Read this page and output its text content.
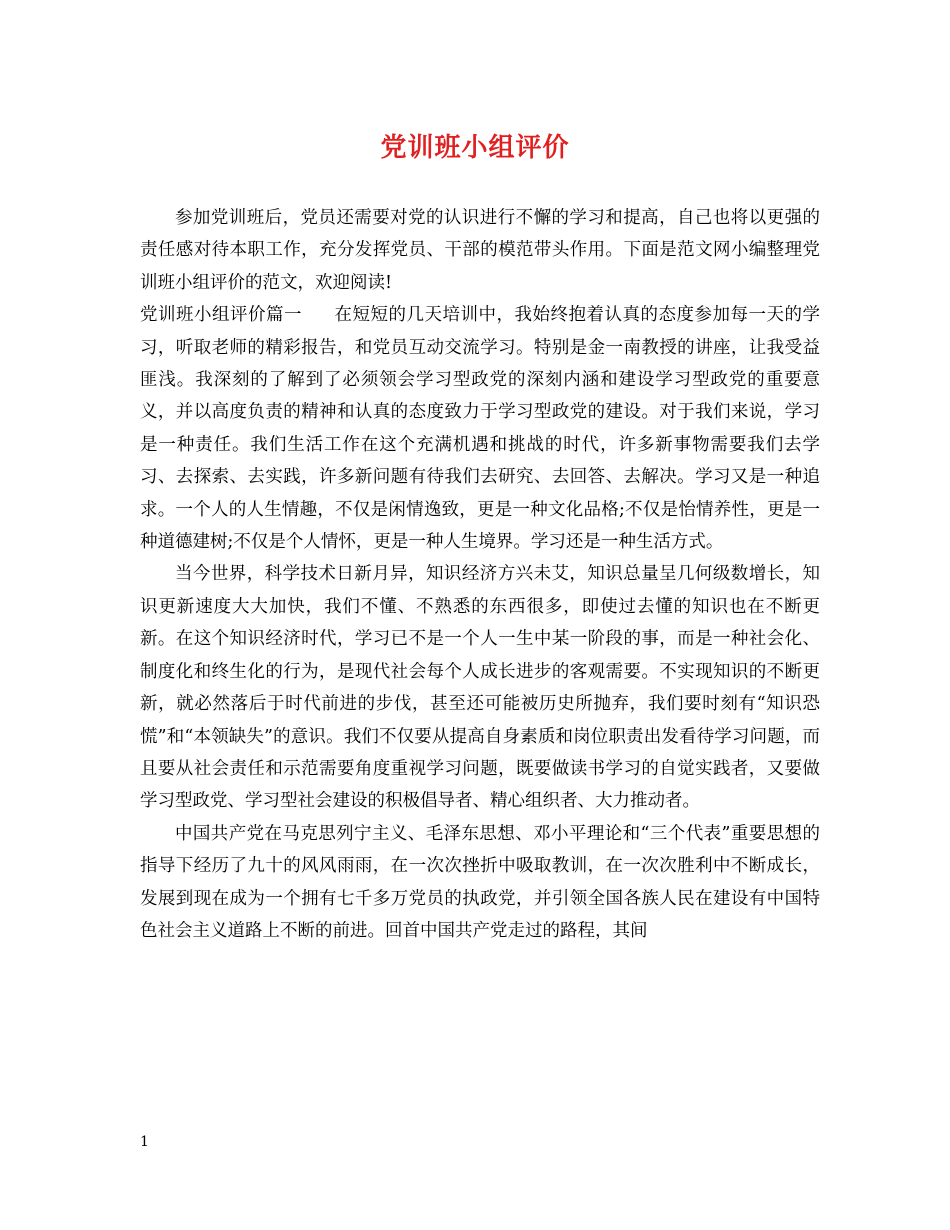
党训班小组评价

参加党训班后，党员还需要对党的认识进行不懈的学习和提高，自己也将以更强的责任感对待本职工作，充分发挥党员、干部的模范带头作用。下面是范文网小编整理党训班小组评价的范文，欢迎阅读!

党训班小组评价篇一 在短短的几天培训中，我始终抱着认真的态度参加每一天的学习，听取老师的精彩报告，和党员互动交流学习。特别是金一南教授的讲座，让我受益匪浅。我深刻的了解到了必须领会学习型政党的深刻内涵和建设学习型政党的重要意义，并以高度负责的精神和认真的态度致力于学习型政党的建设。对于我们来说，学习是一种责任。我们生活工作在这个充满机遇和挑战的时代，许多新事物需要我们去学习、去探索、去实践，许多新问题有待我们去研究、去回答、去解决。学习又是一种追求。一个人的人生情趣，不仅是闲情逸致，更是一种文化品格;不仅是怡情养性，更是一种道德建树;不仅是个人情怀，更是一种人生境界。学习还是一种生活方式。

当今世界，科学技术日新月异，知识经济方兴未艾，知识总量呈几何级数增长，知识更新速度大大加快，我们不懂、不熟悉的东西很多，即使过去懂的知识也在不断更新。在这个知识经济时代，学习已不是一个人一生中某一阶段的事，而是一种社会化、制度化和终生化的行为，是现代社会每个人成长进步的客观需要。不实现知识的不断更新，就必然落后于时代前进的步伐，甚至还可能被历史所抛弃，我们要时刻有“知识恐慌”和“本领缺失”的意识。我们不仅要从提高自身素质和岗位职责出发看待学习问题，而且要从社会责任和示范需要角度重视学习问题，既要做读书学习的自觉实践者，又要做学习型政党、学习型社会建设的积极倡导者、精心组织者、大力推动者。

中国共产党在马克思列宁主义、毛泽东思想、邓小平理论和“三个代表”重要思想的指导下经历了九十的风风雨雨，在一次次挫折中吸取教训，在一次次胜利中不断成长，发展到现在成为一个拥有七千多万党员的执政党，并引领全国各族人民在建设有中国特色社会主义道路上不断的前进。回首中国共产党走过的路程，其间

1
